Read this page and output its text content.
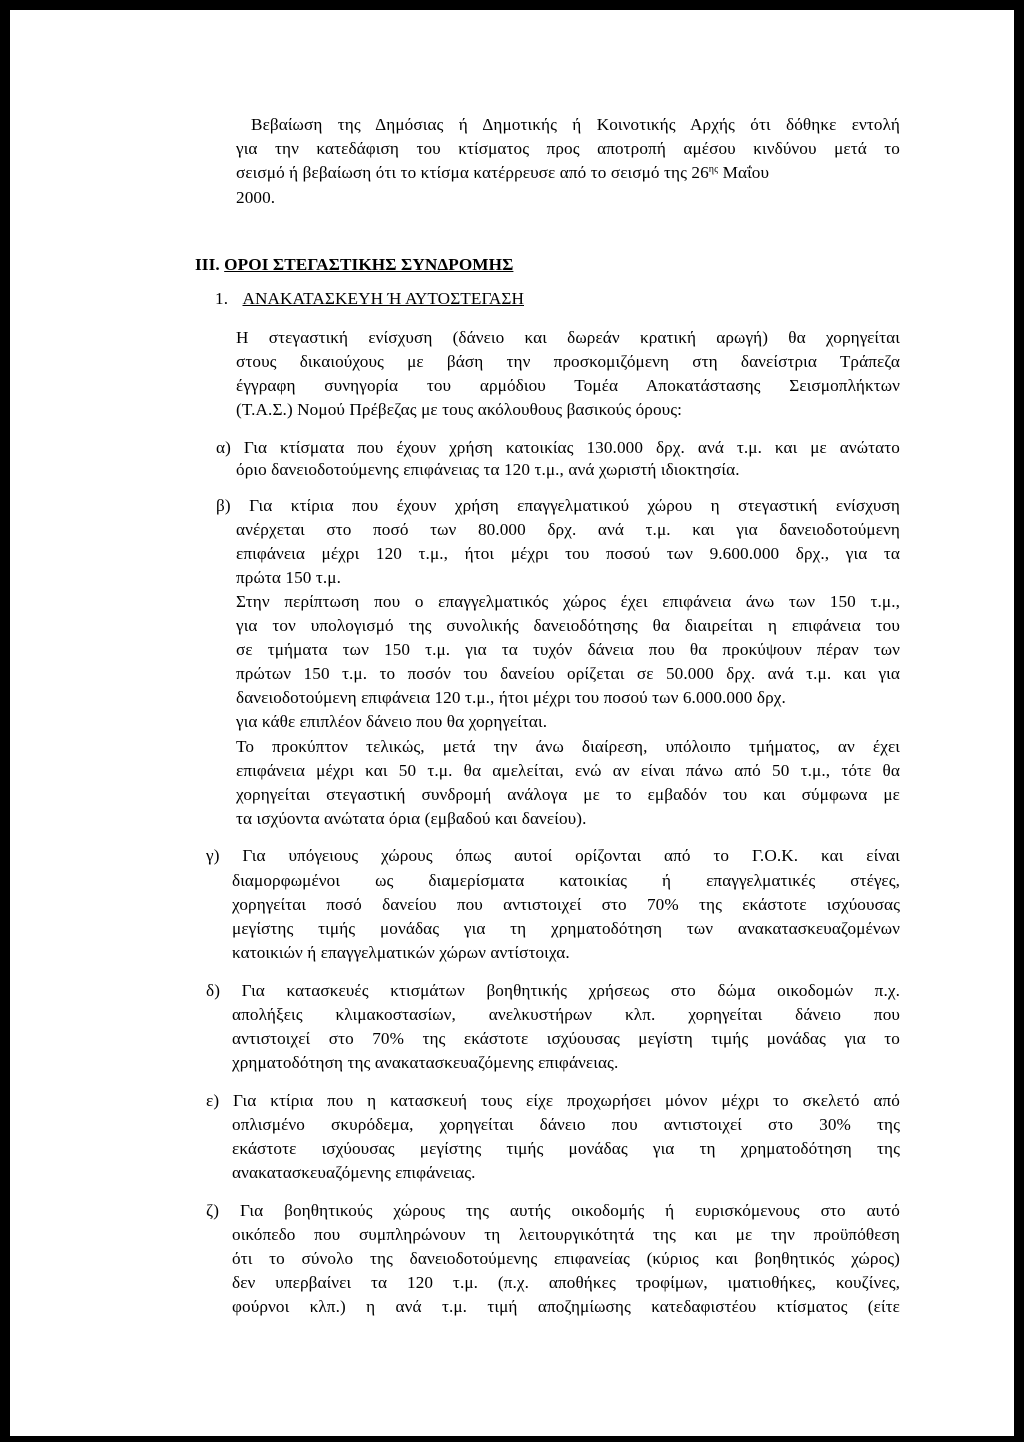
Βεβαίωση της Δημόσιας ή Δημοτικής ή Κοινοτικής Αρχής ότι δόθηκε εντολή
για την κατεδάφιση του κτίσματος προς αποτροπή αμέσου κινδύνου μετά το
σεισμό ή βεβαίωση ότι το κτίσμα κατέρρευσε από το σεισμό της $26^{\eta\varsigma}$ Μαΐου
2000.
III. ΟΡΟΙ ΣΤΕΓΑΣΤΙΚΗΣ ΣΥΝΔΡΟΜΗΣ
1. ΑΝΑΚΑΤΑΣΚΕΥΗ Ή ΑΥΤΟΣΤΕΓΑΣΗ
Η στεγαστική ενίσχυση (δάνειο και δωρεάν κρατική αρωγή) θα χορηγείται
στους δικαιούχους με βάση την προσκομιζόμενη στη δανείστρια Τράπεζα
έγγραφη συνηγορία του αρμόδιου Τομέα Αποκατάστασης Σεισμοπλήκτων
(Τ.Α.Σ.) Νομού Πρέβεζας με τους ακόλουθους βασικούς όρους:
α) Για κτίσματα που έχουν χρήση κατοικίας 130.000 δρχ. ανά τ.μ. και με ανώτατο
όριο δανειοδοτούμενης επιφάνειας τα 120 τ.μ., ανά χωριστή ιδιοκτησία.
β) Για κτίρια που έχουν χρήση επαγγελματικού χώρου η στεγαστική ενίσχυση
ανέρχεται στο ποσό των 80.000 δρχ. ανά τ.μ. και για δανειοδοτούμενη
επιφάνεια μέχρι 120 τ.μ., ήτοι μέχρι του ποσού των 9.600.000 δρχ., για τα
πρώτα 150 τ.μ.
Στην περίπτωση που ο επαγγελματικός χώρος έχει επιφάνεια άνω των 150 τ.μ.,
για τον υπολογισμό της συνολικής δανειοδότησης θα διαιρείται η επιφάνεια του
σε τμήματα των 150 τ.μ. για τα τυχόν δάνεια που θα προκύψουν πέραν των
πρώτων 150 τ.μ. το ποσόν του δανείου ορίζεται σε 50.000 δρχ. ανά τ.μ. και για
δανειοδοτούμενη επιφάνεια 120 τ.μ., ήτοι μέχρι του ποσού των 6.000.000 δρχ.
για κάθε επιπλέον δάνειο που θα χορηγείται.
Το προκύπτον τελικώς, μετά την άνω διαίρεση, υπόλοιπο τμήματος, αν έχει
επιφάνεια μέχρι και 50 τ.μ. θα αμελείται, ενώ αν είναι πάνω από 50 τ.μ., τότε θα
χορηγείται στεγαστική συνδρομή ανάλογα με το εμβαδόν του και σύμφωνα με
τα ισχύοντα ανώτατα όρια (εμβαδού και δανείου).
γ) Για υπόγειους χώρους όπως αυτοί ορίζονται από το Γ.Ο.Κ. και είναι
διαμορφωμένοι ως διαμερίσματα κατοικίας ή επαγγελματικές στέγες,
χορηγείται ποσό δανείου που αντιστοιχεί στο 70% της εκάστοτε ισχύουσας
μεγίστης τιμής μονάδας για τη χρηματοδότηση των ανακατασκευαζομένων
κατοικιών ή επαγγελματικών χώρων αντίστοιχα.
δ) Για κατασκευές κτισμάτων βοηθητικής χρήσεως στο δώμα οικοδομών π.χ.
απολήξεις κλιμακοστασίων, ανελκυστήρων κλπ. χορηγείται δάνειο που
αντιστοιχεί στο 70% της εκάστοτε ισχύουσας μεγίστη τιμής μονάδας για το
χρηματοδότηση της ανακατασκευαζόμενης επιφάνειας.
ε) Για κτίρια που η κατασκευή τους είχε προχωρήσει μόνον μέχρι το σκελετό από
οπλισμένο σκυρόδεμα, χορηγείται δάνειο που αντιστοιχεί στο 30% της
εκάστοτε ισχύουσας μεγίστης τιμής μονάδας για τη χρηματοδότηση της
ανακατασκευαζόμενης επιφάνειας.
ζ) Για βοηθητικούς χώρους της αυτής οικοδομής ή ευρισκόμενους στο αυτό
οικόπεδο που συμπληρώνουν τη λειτουργικότητά της και με την προϋπόθεση
ότι το σύνολο της δανειοδοτούμενης επιφανείας (κύριος και βοηθητικός χώρος)
δεν υπερβαίνει τα 120 τ.μ. (π.χ. αποθήκες τροφίμων, ιματιοθήκες, κουζίνες,
φούρνοι κλπ.) η ανά τ.μ. τιμή αποζημίωσης κατεδαφιστέου κτίσματος (είτε
